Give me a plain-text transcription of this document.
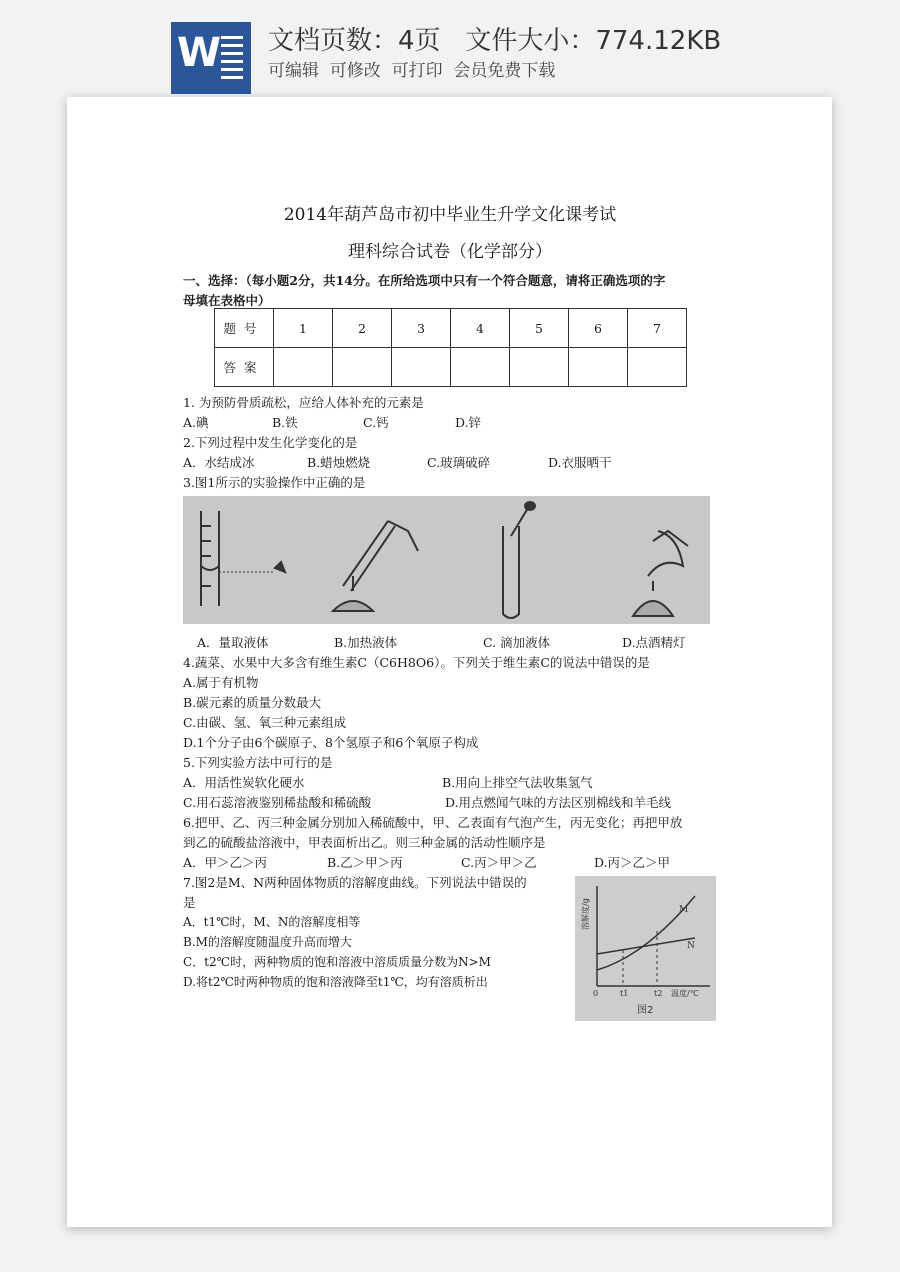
W 文档页数：4页 文件大小：774.12KB
可编辑  可修改  可打印  会员免费下载
2014年葫芦岛市初中毕业生升学文化课考试
理科综合试卷（化学部分）
一、选择：（每小题2分，共14分。在所给选项中只有一个符合题意，请将正确选项的字
母填在表格中）
题号	1	2	3	4	5	6	7
答案							
1. 为预防骨质疏松，应给人体补充的元素是
A.碘	B.铁	C.钙	D.锌
2.下列过程中发生化学变化的是
A．水结成冰	B.蜡烛燃烧	C.玻璃破碎	D.衣服晒干
3.图1所示的实验操作中正确的是
A．量取液体	B.加热液体	C. 滴加液体	D.点酒精灯
4.蔬菜、水果中大多含有维生素C（C6H8O6）。下列关于维生素C的说法中错误的是
A.属于有机物
B.碳元素的质量分数最大
C.由碳、氢、氧三种元素组成
D.1个分子由6个碳原子、8个氢原子和6个氧原子构成
5.下列实验方法中可行的是
A．用活性炭软化硬水	B.用向上排空气法收集氢气
C.用石蕊溶液鉴别稀盐酸和稀硫酸	D.用点燃闻气味的方法区别棉线和羊毛线
6.把甲、乙、丙三种金属分别加入稀硫酸中，甲、乙表面有气泡产生，丙无变化；再把甲放
到乙的硫酸盐溶液中，甲表面析出乙。则三种金属的活动性顺序是
A．甲＞乙＞丙	B.乙＞甲＞丙	C.丙＞甲＞乙	D.丙＞乙＞甲
7.图2是M、N两种固体物质的溶解度曲线。下列说法中错误的
是
A．t1℃时，M、N的溶解度相等
B.M的溶解度随温度升高而增大
C．t2℃时，两种物质的饱和溶液中溶质质量分数为N>M
D.将t2℃时两种物质的饱和溶液降至t1℃，均有溶质析出
溶解度/g
0	t1	t2 温度/℃
M
N
图2
